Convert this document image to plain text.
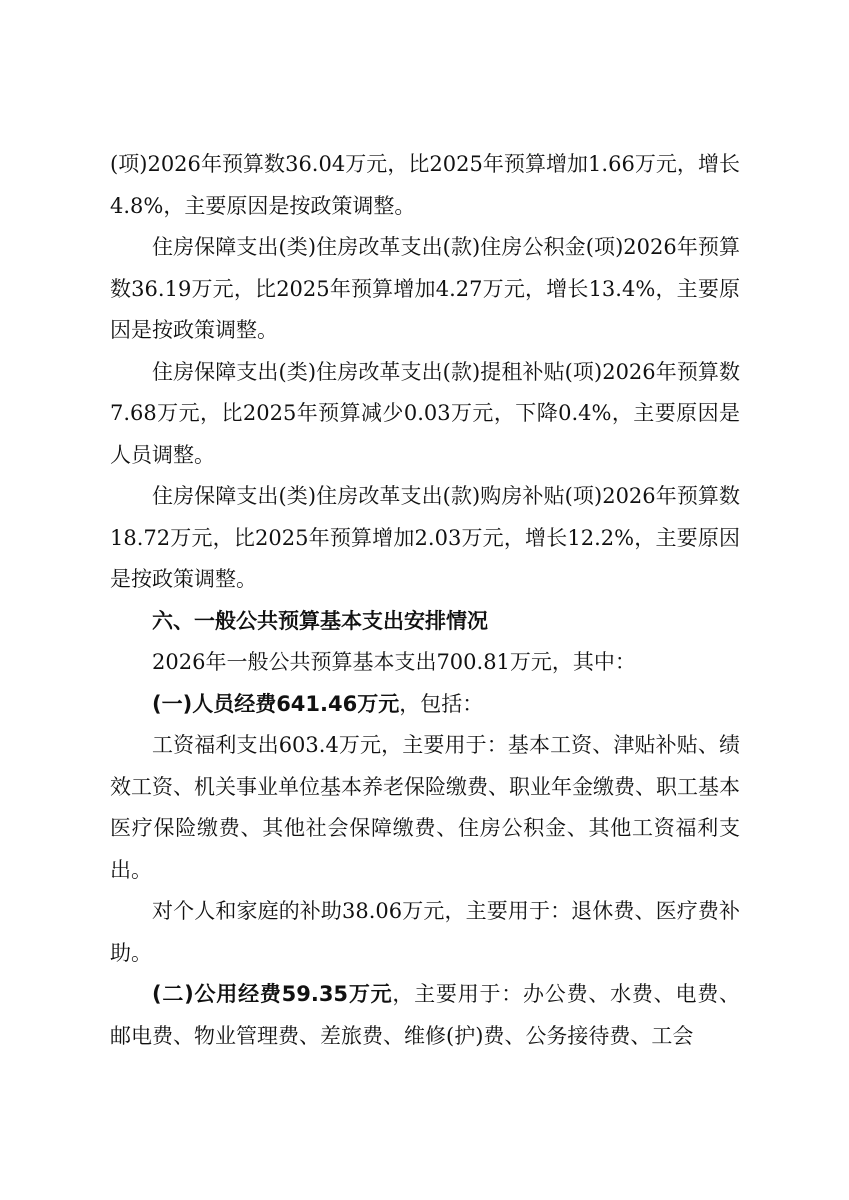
(项)2026年预算数36.04万元，比2025年预算增加1.66万元，增长4.8%，主要原因是按政策调整。

住房保障支出(类)住房改革支出(款)住房公积金(项)2026年预算数36.19万元，比2025年预算增加4.27万元，增长13.4%，主要原因是按政策调整。

住房保障支出(类)住房改革支出(款)提租补贴(项)2026年预算数7.68万元，比2025年预算减少0.03万元，下降0.4%，主要原因是人员调整。

住房保障支出(类)住房改革支出(款)购房补贴(项)2026年预算数18.72万元，比2025年预算增加2.03万元，增长12.2%，主要原因是按政策调整。

六、一般公共预算基本支出安排情况

2026年一般公共预算基本支出700.81万元，其中：

(一)人员经费641.46万元，包括：

工资福利支出603.4万元，主要用于：基本工资、津贴补贴、绩效工资、机关事业单位基本养老保险缴费、职业年金缴费、职工基本医疗保险缴费、其他社会保障缴费、住房公积金、其他工资福利支出。

对个人和家庭的补助38.06万元，主要用于：退休费、医疗费补助。

(二)公用经费59.35万元，主要用于：办公费、水费、电费、邮电费、物业管理费、差旅费、维修(护)费、公务接待费、工会
